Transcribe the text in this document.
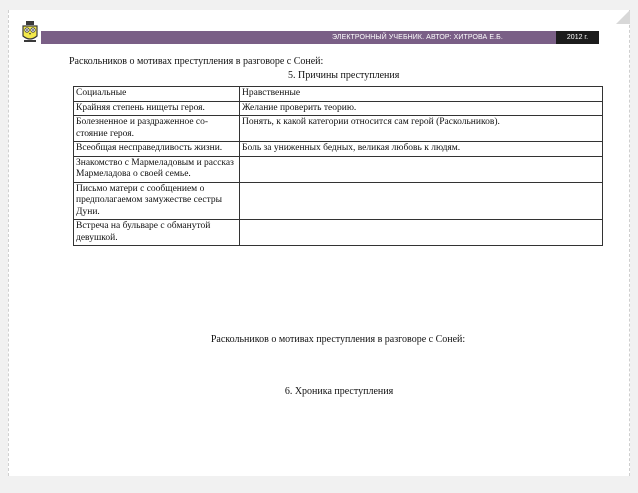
ЭЛЕКТРОННЫЙ УЧЕБНИК. АВТОР: ХИТРОВА Е.Б.	2012 г.
Раскольников о мотивах преступления в разговоре с Соней:
5. Причины преступления
Социальные	Нравственные
Крайняя степень нищеты героя.	Желание проверить теорию.
Болезненное и раздраженное со-стояние героя.	Понять, к какой категории относится сам герой (Раскольников).
Всеобщая несправедливость жизни.	Боль за униженных бедных, великая любовь к людям.
Знакомство с Мармеладовым и рассказ Мармеладова о своей семье.	
Письмо матери с сообщением о предполагаемом замужестве сестры Дуни.	
Встреча на бульваре с обманутой девушкой.	
Раскольников о мотивах преступления в разговоре с Соней:
6. Хроника преступления
